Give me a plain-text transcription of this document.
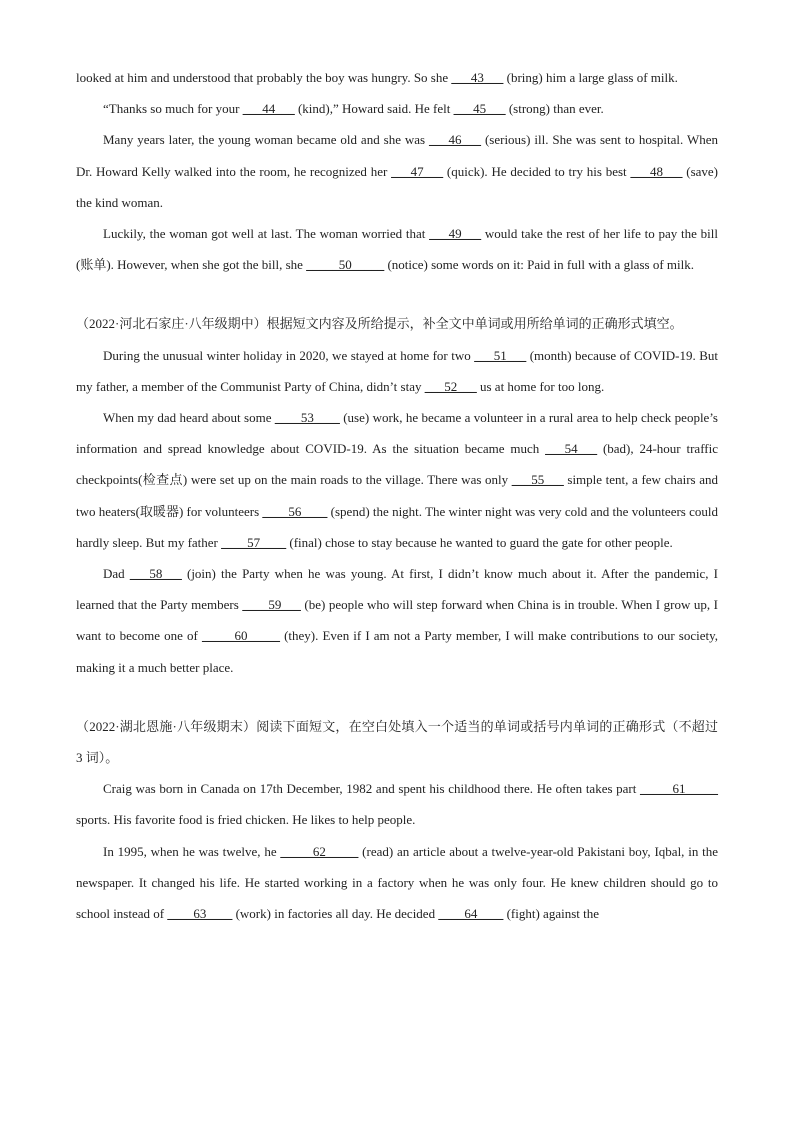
looked at him and understood that probably the boy was hungry. So she ___43___ (bring) him a large glass of milk.

“Thanks so much for your ___44___ (kind),” Howard said. He felt ___45___ (strong) than ever.

Many years later, the young woman became old and she was ___46___ (serious) ill. She was sent to hospital. When Dr. Howard Kelly walked into the room, he recognized her ___47___ (quick). He decided to try his best ___48___ (save) the kind woman.

Luckily, the woman got well at last. The woman worried that ___49___ would take the rest of her life to pay the bill (账单). However, when she got the bill, she _____50_____ (notice) some words on it: Paid in full with a glass of milk.

（2022·河北石家庄·八年级期中）根据短文内容及所给提示，补全文中单词或用所给单词的正确形式填空。

During the unusual winter holiday in 2020, we stayed at home for two ___51___ (month) because of COVID-19. But my father, a member of the Communist Party of China, didn’t stay ___52___ us at home for too long.

When my dad heard about some ____53____ (use) work, he became a volunteer in a rural area to help check people’s information and spread knowledge about COVID-19. As the situation became much ___54___ (bad), 24-hour traffic checkpoints(检查点) were set up on the main roads to the village. There was only ___55___ simple tent, a few chairs and two heaters(取暖器) for volunteers ____56____ (spend) the night. The winter night was very cold and the volunteers could hardly sleep. But my father ____57____ (final) chose to stay because he wanted to guard the gate for other people.

Dad ___58___ (join) the Party when he was young. At first, I didn’t know much about it. After the pandemic, I learned that the Party members ____59___ (be) people who will step forward when China is in trouble. When I grow up, I want to become one of _____60_____ (they). Even if I am not a Party member, I will make contributions to our society, making it a much better place.

（2022·湖北恩施·八年级期末）阅读下面短文，在空白处填入一个适当的单词或括号内单词的正确形式（不超过 3 词）。

Craig was born in Canada on 17th December, 1982 and spent his childhood there. He often takes part _____61_____ sports. His favorite food is fried chicken. He likes to help people.

In 1995, when he was twelve, he _____62_____ (read) an article about a twelve-year-old Pakistani boy, Iqbal, in the newspaper. It changed his life. He started working in a factory when he was only four. He knew children should go to school instead of ____63____ (work) in factories all day. He decided ____64____ (fight) against the
